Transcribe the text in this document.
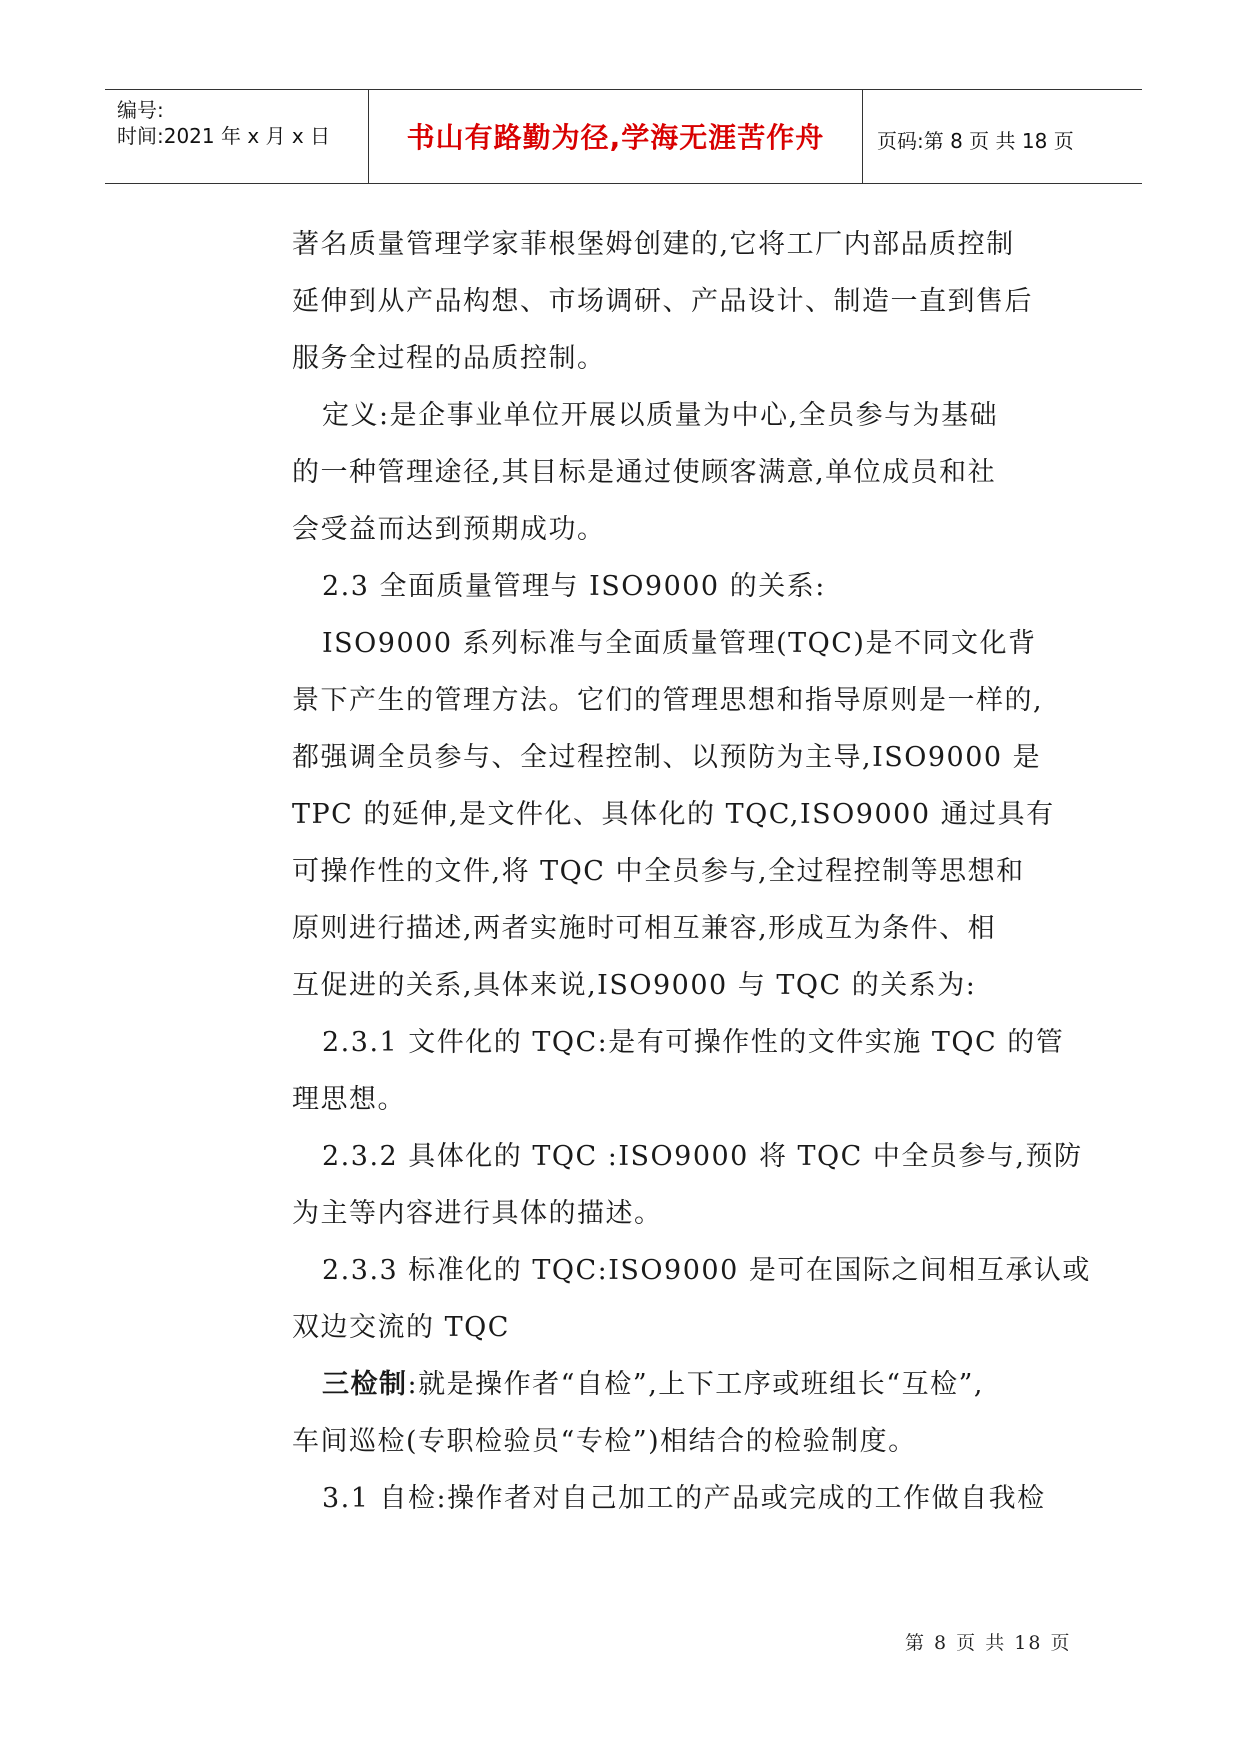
编号:
时间:2021 年 x 月 x 日	书山有路勤为径,学海无涯苦作舟	页码:第 8 页 共 18 页
著名质量管理学家菲根堡姆创建的,它将工厂内部品质控制
延伸到从产品构想、市场调研、产品设计、制造一直到售后
服务全过程的品质控制。
定义:是企事业单位开展以质量为中心,全员参与为基础
的一种管理途径,其目标是通过使顾客满意,单位成员和社
会受益而达到预期成功。
2.3 全面质量管理与 ISO9000 的关系:
ISO9000 系列标准与全面质量管理(TQC)是不同文化背
景下产生的管理方法。它们的管理思想和指导原则是一样的,
都强调全员参与、全过程控制、以预防为主导,ISO9000 是
TPC 的延伸,是文件化、具体化的 TQC,ISO9000 通过具有
可操作性的文件,将 TQC 中全员参与,全过程控制等思想和
原则进行描述,两者实施时可相互兼容,形成互为条件、相
互促进的关系,具体来说,ISO9000 与 TQC 的关系为:
2.3.1 文件化的 TQC:是有可操作性的文件实施 TQC 的管
理思想。
2.3.2 具体化的 TQC :ISO9000 将 TQC 中全员参与,预防
为主等内容进行具体的描述。
2.3.3 标准化的 TQC:ISO9000 是可在国际之间相互承认或
双边交流的 TQC
三检制:就是操作者“自检”,上下工序或班组长“互检”,
车间巡检(专职检验员“专检”)相结合的检验制度。
3.1 自检:操作者对自己加工的产品或完成的工作做自我检
第 8 页 共 18 页
